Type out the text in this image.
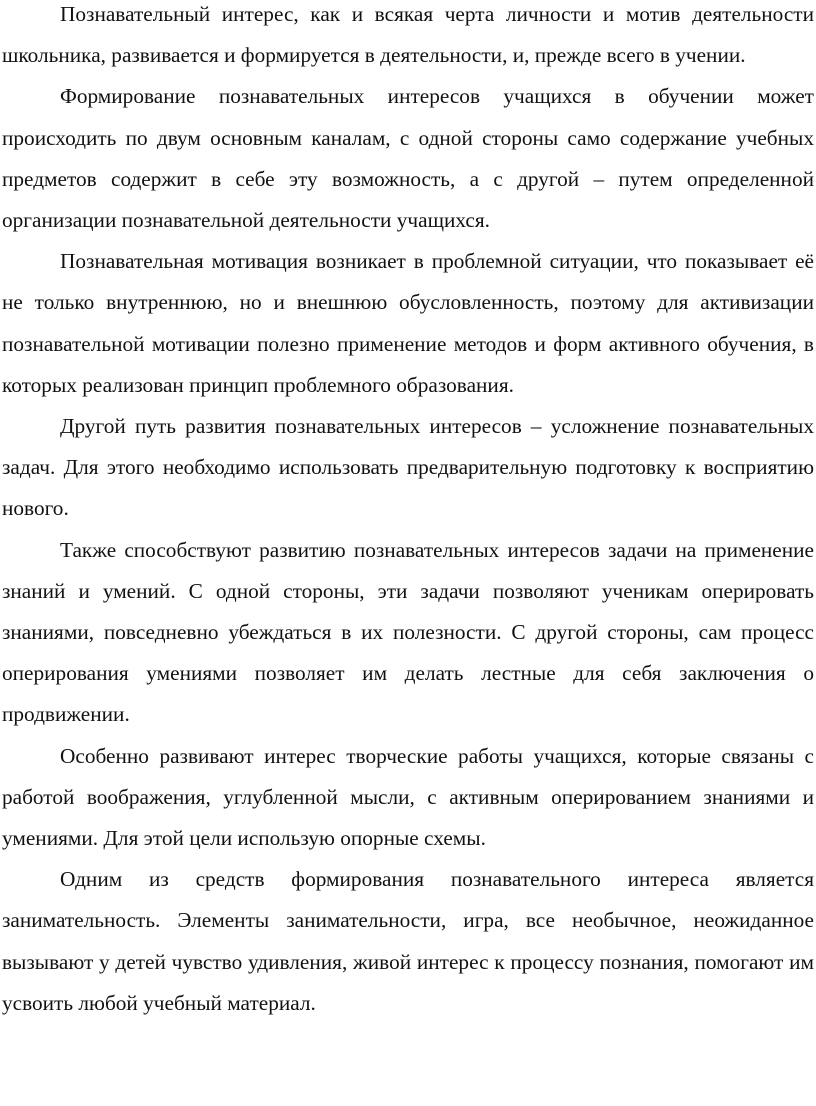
Познавательный интерес, как и всякая черта личности и мотив деятельности школьника, развивается и формируется в деятельности, и, прежде всего в учении.

Формирование познавательных интересов учащихся в обучении может происходить по двум основным каналам, с одной стороны само содержание учебных предметов содержит в себе эту возможность, а с другой – путем определенной организации познавательной деятельности учащихся.

Познавательная мотивация возникает в проблемной ситуации, что показывает её не только внутреннюю, но и внешнюю обусловленность, поэтому для активизации познавательной мотивации полезно применение методов и форм активного обучения, в которых реализован принцип проблемного образования.

Другой путь развития познавательных интересов – усложнение познавательных задач. Для этого необходимо использовать предварительную подготовку к восприятию нового.

Также способствуют развитию познавательных интересов задачи на применение знаний и умений. С одной стороны, эти задачи позволяют ученикам оперировать знаниями, повседневно убеждаться в их полезности. С другой стороны, сам процесс оперирования умениями позволяет им делать лестные для себя заключения о продвижении.

Особенно развивают интерес творческие работы учащихся, которые связаны с работой воображения, углубленной мысли, с активным оперированием знаниями и умениями. Для этой цели использую опорные схемы.

Одним из средств формирования познавательного интереса является занимательность. Элементы занимательности, игра, все необычное, неожиданное вызывают у детей чувство удивления, живой интерес к процессу познания, помогают им усвоить любой учебный материал.
